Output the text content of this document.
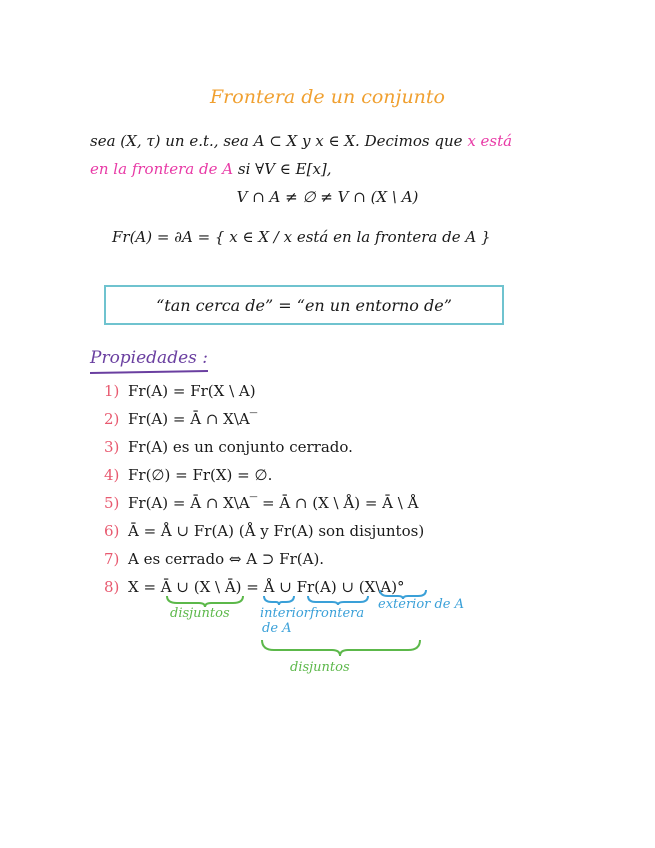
Frontera de un conjunto
sea (X, τ) un e.t., sea A ⊂ X y x ∈ X. Decimos que x está
en la frontera de A si ∀V ∈ E[x],
V ∩ A ≠ ∅ ≠ V ∩ (X \ A)
Fr(A) = ∂A = { x ∈ X / x está en la frontera de A }
“tan cerca de” = “en un entorno de”
Propiedades :
1) Fr(A) = Fr(X \ A)
2) Fr(A) = Ā ∩ X\A‾
3) Fr(A) es un conjunto cerrado.
4) Fr(∅) = Fr(X) = ∅.
5) Fr(A) = Ā ∩ X\A‾ = Ā ∩ (X \ Å) = Ā \ Å
6) Ā = Å ∪ Fr(A) (Å y Fr(A) son disjuntos)
7) A es cerrado ⇔ A ⊃ Fr(A).
8) X = Ā ∪ (X \ Ā) = Å ∪ Fr(A) ∪ (X\A)°
disjuntos interior
de A
frontera
exterior de A
disjuntos
